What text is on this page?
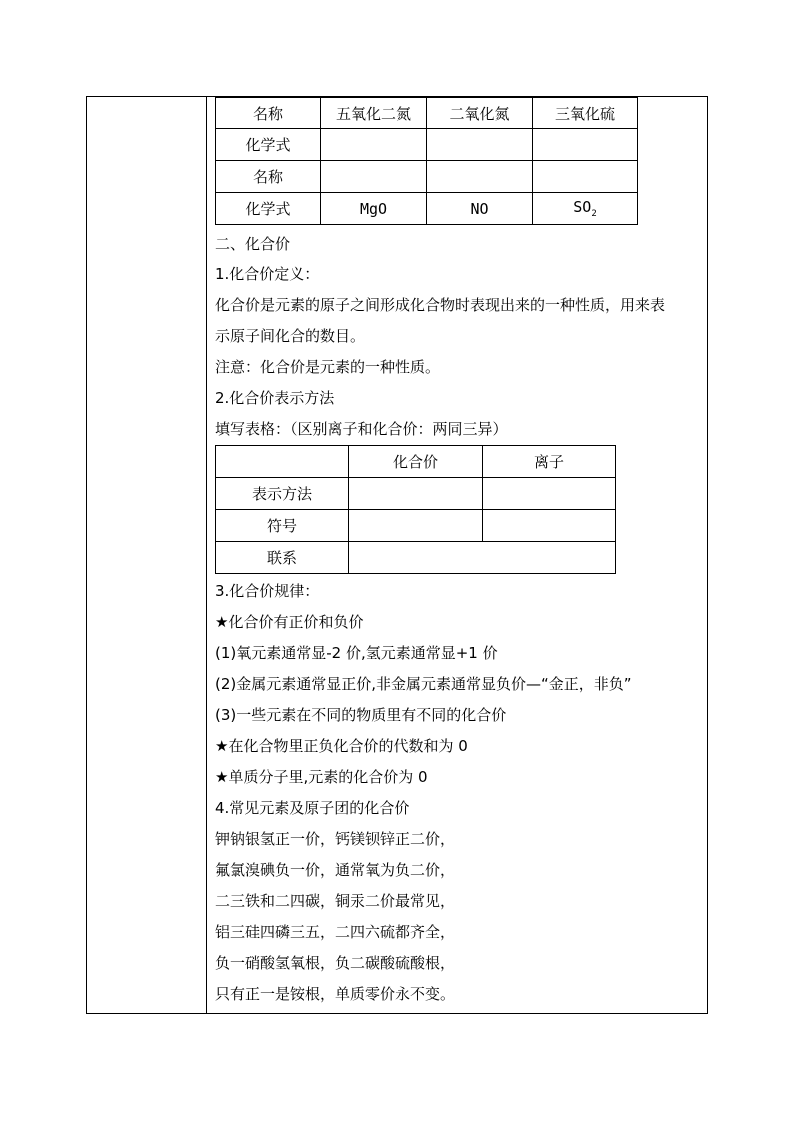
名称	五氧化二氮	二氧化氮	三氧化硫
化学式			
名称			
化学式	MgO	NO	$SO_2$
二、化合价
1.化合价定义：
化合价是元素的原子之间形成化合物时表现出来的一种性质，用来表
示原子间化合的数目。
注意：化合价是元素的一种性质。
2.化合价表示方法
填写表格：（区别离子和化合价：两同三异）
	化合价	离子
表示方法		
符号		
联系		
3.化合价规律：
★化合价有正价和负价
(1)氧元素通常显-2 价,氢元素通常显+1 价
(2)金属元素通常显正价,非金属元素通常显负价—“金正，非负”
(3)一些元素在不同的物质里有不同的化合价
★在化合物里正负化合价的代数和为 0
★单质分子里,元素的化合价为 0
4.常见元素及原子团的化合价
钾钠银氢正一价，钙镁钡锌正二价，
氟氯溴碘负一价，通常氧为负二价，
二三铁和二四碳，铜汞二价最常见，
铝三硅四磷三五，二四六硫都齐全，
负一硝酸氢氧根，负二碳酸硫酸根，
只有正一是铵根，单质零价永不变。
